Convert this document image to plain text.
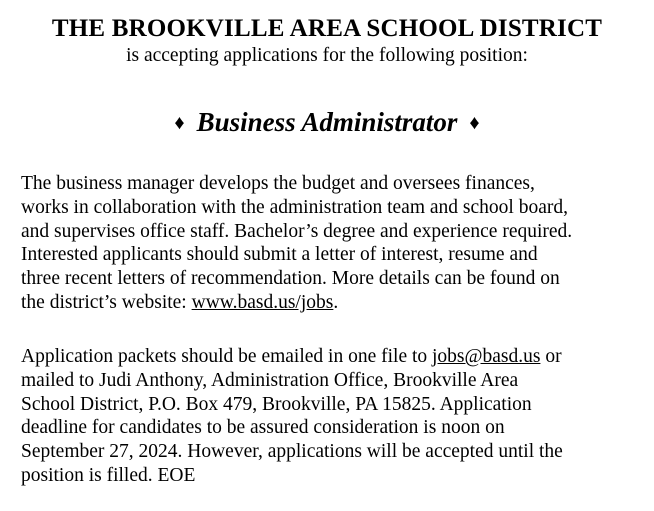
THE BROOKVILLE AREA SCHOOL DISTRICT
is accepting applications for the following position:
♦ Business Administrator ♦

The business manager develops the budget and oversees finances,
works in collaboration with the administration team and school board,
and supervises office staff. Bachelor’s degree and experience required.
Interested applicants should submit a letter of interest, resume and
three recent letters of recommendation. More details can be found on
the district’s website: www.basd.us/jobs.

Application packets should be emailed in one file to jobs@basd.us or
mailed to Judi Anthony, Administration Office, Brookville Area
School District, P.O. Box 479, Brookville, PA 15825. Application
deadline for candidates to be assured consideration is noon on
September 27, 2024. However, applications will be accepted until the
position is filled. EOE
